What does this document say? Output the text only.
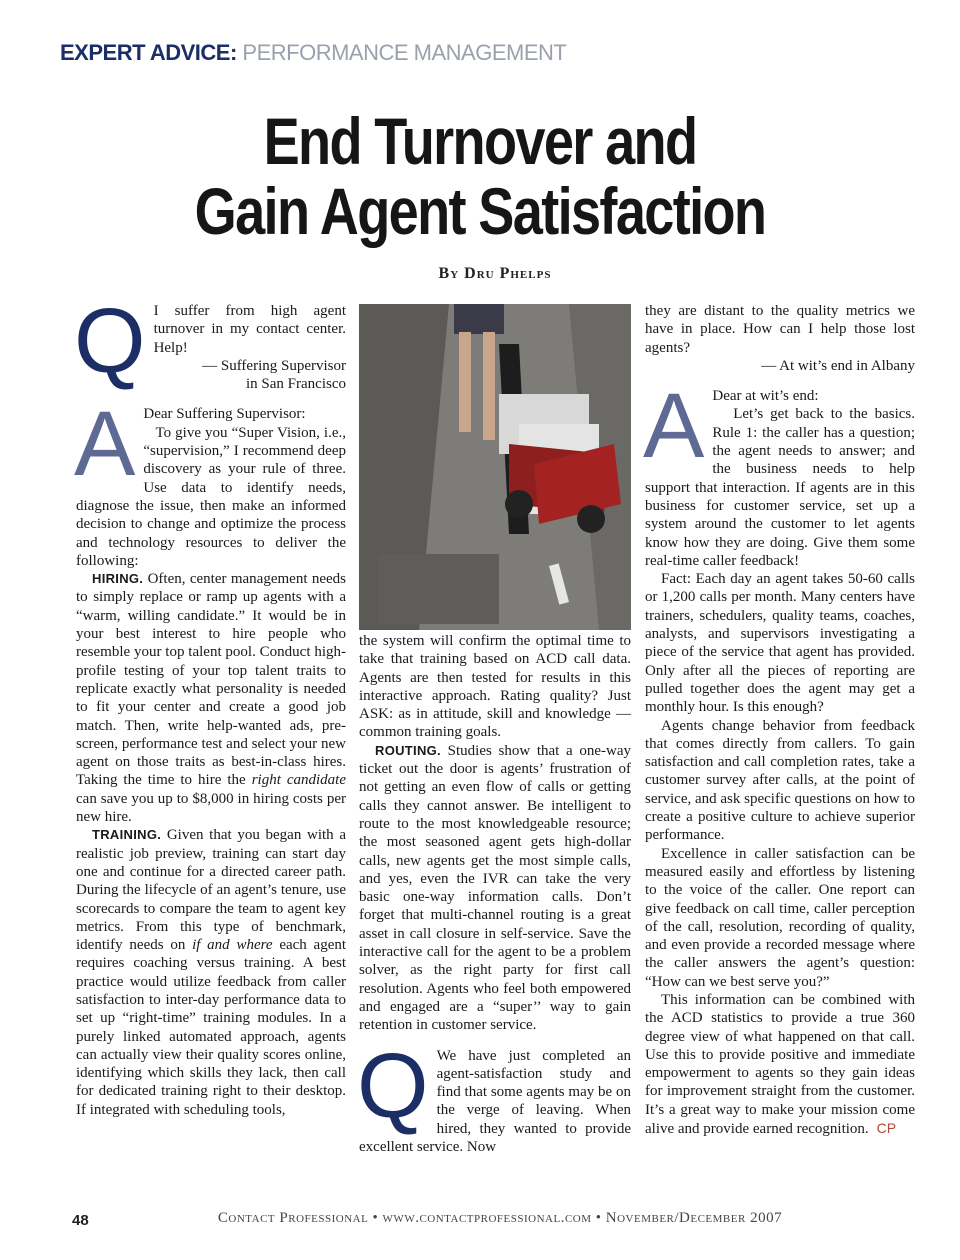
EXPERT ADVICE: PERFORMANCE MANAGEMENT
End Turnover and
Gain Agent Satisfaction
By Dru Phelps

Q I suffer from high agent turnover in my contact center. Help!

— Suffering Supervisor
in San Francisco

A Dear Suffering Supervisor:
To give you “Super Vision, i.e., “supervision,” I recommend deep discovery as your rule of three. Use data to identify needs, diagnose the issue, then make an informed decision to change and optimize the process and technology resources to deliver the following:

HIRING. Often, center management needs to simply replace or ramp up agents with a “warm, willing candidate.” It would be in your best interest to hire people who resemble your top talent pool. Conduct high-profile testing of your top talent traits to replicate exactly what personality is needed to fit your center and create a good job match. Then, write help-wanted ads, pre-screen, performance test and select your new agent on those traits as best-in-class hires. Taking the time to hire the right candidate can save you up to $8,000 in hiring costs per new hire.

TRAINING. Given that you began with a realistic job preview, training can start day one and continue for a directed career path. During the lifecycle of an agent’s tenure, use scorecards to compare the team to agent key metrics. From this type of benchmark, identify needs on if and where each agent requires coaching versus training. A best practice would utilize feedback from caller satisfaction to inter-day performance data to set up “right-time” training modules. In a purely linked automated approach, agents can actually view their quality scores online, identifying which skills they lack, then call for dedicated training right to their desktop. If integrated with scheduling tools,

the system will confirm the optimal time to take that training based on ACD call data. Agents are then tested for results in this interactive approach. Rating quality? Just ASK: as in attitude, skill and knowledge — common training goals.

ROUTING. Studies show that a one-way ticket out the door is agents’ frustration of not getting an even flow of calls or getting calls they cannot answer. Be intelligent to route to the most knowledgeable resource; the most seasoned agent gets high-dollar calls, new agents get the most simple calls, and yes, even the IVR can take the very basic one-way information calls. Don’t forget that multi-channel routing is a great asset in call closure in self-service. Save the interactive call for the agent to be a problem solver, as the right party for first call resolution. Agents who feel both empowered and engaged are a “super’’ way to gain retention in customer service.

Q We have just completed an agent-satisfaction study and find that some agents may be on the verge of leaving. When hired, they wanted to provide excellent service. Now

they are distant to the quality metrics we have in place. How can I help those lost agents?

— At wit’s end in Albany

A Dear at wit’s end:
Let’s get back to the basics. Rule 1: the caller has a question; the agent needs to answer; and the business needs to help support that interaction. If agents are in this business for customer service, set up a system around the customer to let agents know how they are doing. Give them some real-time caller feedback!

Fact: Each day an agent takes 50-60 calls or 1,200 calls per month. Many centers have trainers, schedulers, quality teams, coaches, analysts, and supervisors investigating a piece of the service that agent has provided. Only after all the pieces of reporting are pulled together does the agent may get a monthly hour. Is this enough?

Agents change behavior from feedback that comes directly from callers. To gain satisfaction and call completion rates, take a customer survey after calls, at the point of service, and ask specific questions on how to create a positive culture to achieve superior performance.

Excellence in caller satisfaction can be measured easily and effortless by listening to the voice of the caller. One report can give feedback on call time, caller perception of the call, resolution, recording of quality, and even provide a recorded message where the caller answers the agent’s question: “How can we best serve you?”

This information can be combined with the ACD statistics to provide a true 360 degree view of what happened on that call. Use this to provide positive and immediate empowerment to agents so they gain ideas for improvement straight from the customer. It’s a great way to make your mission come alive and provide earned recognition. CP

48	Contact Professional • www.contactprofessional.com • November/December 2007
